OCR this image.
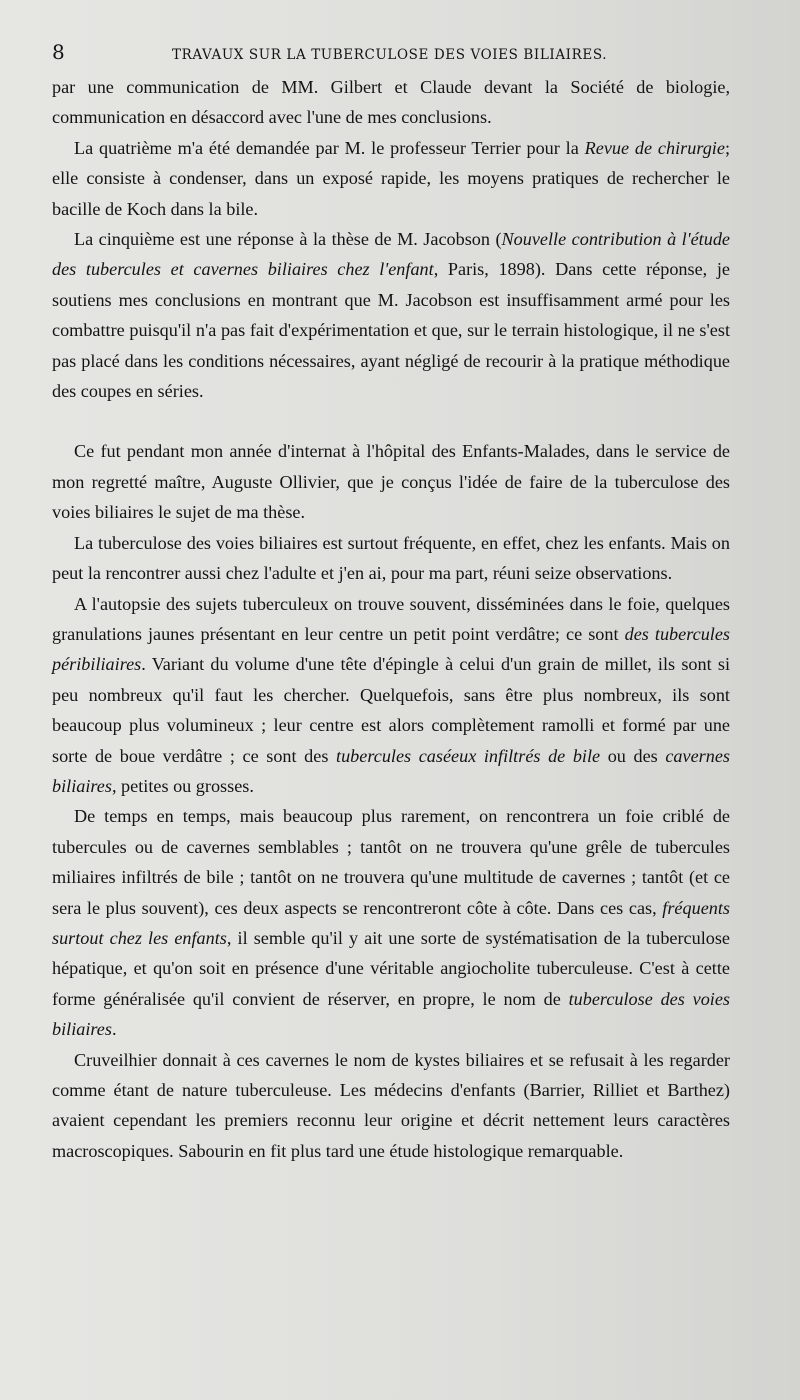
8	TRAVAUX SUR LA TUBERCULOSE DES VOIES BILIAIRES.

par une communication de MM. Gilbert et Claude devant la Société de biologie, communication en désaccord avec l'une de mes conclusions.

La quatrième m'a été demandée par M. le professeur Terrier pour la Revue de chirurgie; elle consiste à condenser, dans un exposé rapide, les moyens pratiques de rechercher le bacille de Koch dans la bile.

La cinquième est une réponse à la thèse de M. Jacobson (Nouvelle contribution à l'étude des tubercules et cavernes biliaires chez l'enfant, Paris, 1898). Dans cette réponse, je soutiens mes conclusions en montrant que M. Jacobson est insuffisamment armé pour les combattre puisqu'il n'a pas fait d'expérimentation et que, sur le terrain histologique, il ne s'est pas placé dans les conditions nécessaires, ayant négligé de recourir à la pratique méthodique des coupes en séries.

Ce fut pendant mon année d'internat à l'hôpital des Enfants-Malades, dans le service de mon regretté maître, Auguste Ollivier, que je conçus l'idée de faire de la tuberculose des voies biliaires le sujet de ma thèse.

La tuberculose des voies biliaires est surtout fréquente, en effet, chez les enfants. Mais on peut la rencontrer aussi chez l'adulte et j'en ai, pour ma part, réuni seize observations.

A l'autopsie des sujets tuberculeux on trouve souvent, disséminées dans le foie, quelques granulations jaunes présentant en leur centre un petit point verdâtre; ce sont des tubercules péribiliaires. Variant du volume d'une tête d'épingle à celui d'un grain de millet, ils sont si peu nombreux qu'il faut les chercher. Quelquefois, sans être plus nombreux, ils sont beaucoup plus volumineux ; leur centre est alors complètement ramolli et formé par une sorte de boue verdâtre ; ce sont des tubercules caséeux infiltrés de bile ou des cavernes biliaires, petites ou grosses.

De temps en temps, mais beaucoup plus rarement, on rencontrera un foie criblé de tubercules ou de cavernes semblables ; tantôt on ne trouvera qu'une grêle de tubercules miliaires infiltrés de bile ; tantôt on ne trouvera qu'une multitude de cavernes ; tantôt (et ce sera le plus souvent), ces deux aspects se rencontreront côte à côte. Dans ces cas, fréquents surtout chez les enfants, il semble qu'il y ait une sorte de systématisation de la tuberculose hépatique, et qu'on soit en présence d'une véritable angiocholite tuberculeuse. C'est à cette forme généralisée qu'il convient de réserver, en propre, le nom de tuberculose des voies biliaires.

Cruveilhier donnait à ces cavernes le nom de kystes biliaires et se refusait à les regarder comme étant de nature tuberculeuse. Les médecins d'enfants (Barrier, Rilliet et Barthez) avaient cependant les premiers reconnu leur origine et décrit nettement leurs caractères macroscopiques. Sabourin en fit plus tard une étude histologique remarquable.
